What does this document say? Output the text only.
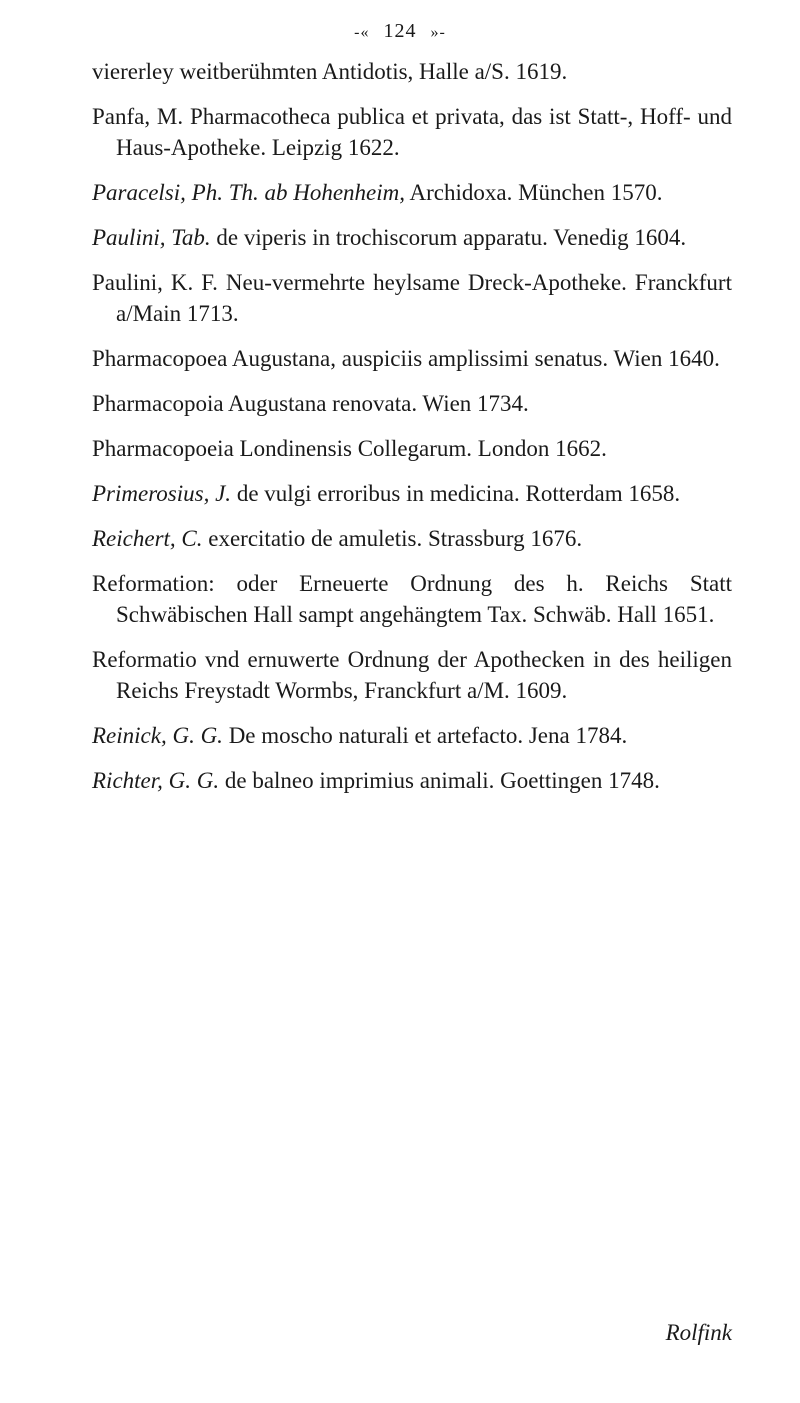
-« 124 »-
viererley weitberühmten Antidotis, Halle a/S. 1619.
Panfa, M. Pharmacotheca publica et privata, das ist Statt-, Hoff- und Haus-Apotheke. Leipzig 1622.
Paracelsi, Ph. Th. ab Hohenheim, Archidoxa. München 1570.
Paulini, Tab. de viperis in trochiscorum apparatu. Venedig 1604.
Paulini, K. F. Neu-vermehrte heylsame Dreck-Apotheke. Franckfurt a/Main 1713.
Pharmacopoea Augustana, auspiciis amplissimi senatus. Wien 1640.
Pharmacopoia Augustana renovata. Wien 1734.
Pharmacopoeia Londinensis Collegarum. London 1662.
Primerosius, J. de vulgi erroribus in medicina. Rotterdam 1658.
Reichert, C. exercitatio de amuletis. Strassburg 1676.
Reformation: oder Erneuerte Ordnung des h. Reichs Statt Schwäbischen Hall sampt angehängtem Tax. Schwäb. Hall 1651.
Reformatio vnd ernuwerte Ordnung der Apothecken in des heiligen Reichs Freystadt Wormbs, Franckfurt a/M. 1609.
Reinick, G. G. De moscho naturali et artefacto. Jena 1784.
Richter, G. G. de balneo imprimius animali. Goettingen 1748.
Rolfink
